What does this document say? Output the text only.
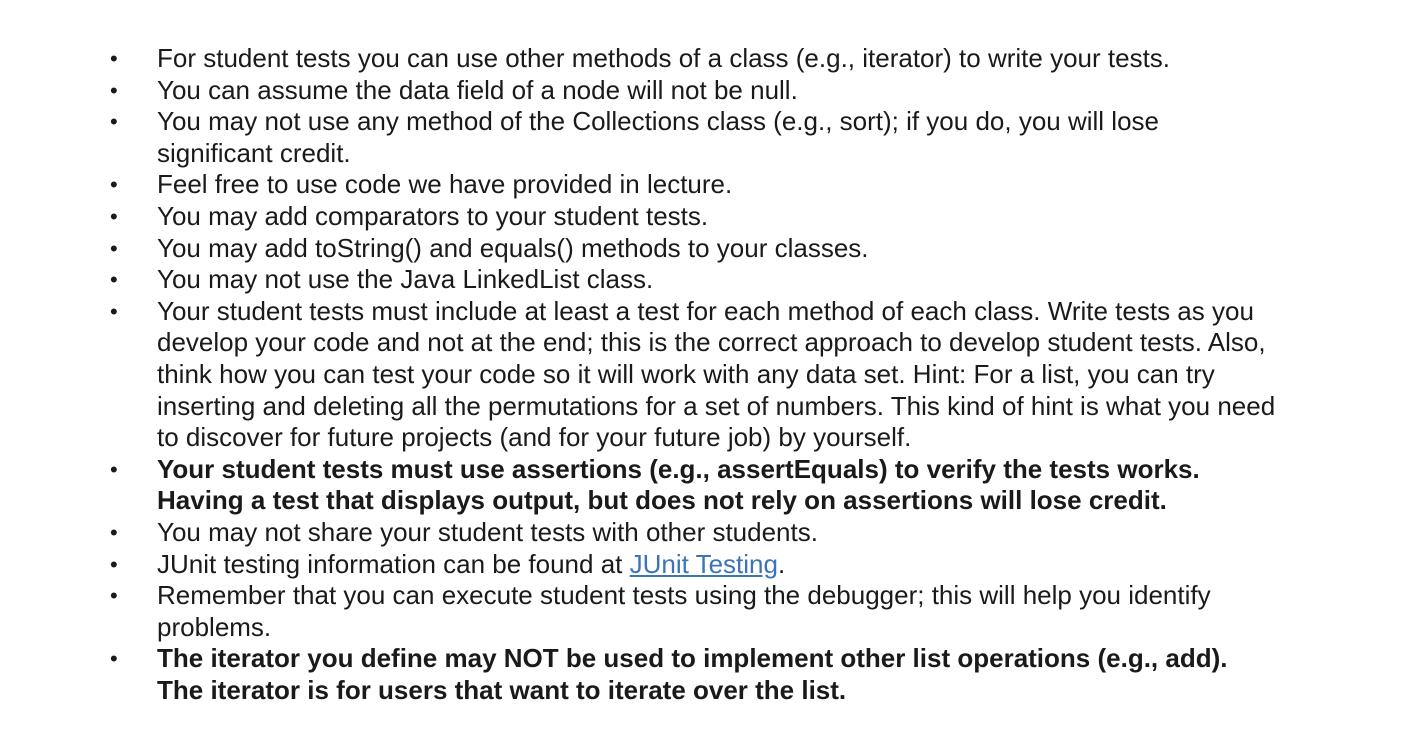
• For student tests you can use other methods of a class (e.g., iterator) to write your tests.
• You can assume the data field of a node will not be null.
• You may not use any method of the Collections class (e.g., sort); if you do, you will lose significant credit.
• Feel free to use code we have provided in lecture.
• You may add comparators to your student tests.
• You may add toString() and equals() methods to your classes.
• You may not use the Java LinkedList class.
• Your student tests must include at least a test for each method of each class. Write tests as you develop your code and not at the end; this is the correct approach to develop student tests. Also, think how you can test your code so it will work with any data set. Hint: For a list, you can try inserting and deleting all the permutations for a set of numbers. This kind of hint is what you need to discover for future projects (and for your future job) by yourself.
• Your student tests must use assertions (e.g., assertEquals) to verify the tests works. Having a test that displays output, but does not rely on assertions will lose credit.
• You may not share your student tests with other students.
• JUnit testing information can be found at JUnit Testing.
• Remember that you can execute student tests using the debugger; this will help you identify problems.
• The iterator you define may NOT be used to implement other list operations (e.g., add). The iterator is for users that want to iterate over the list.
